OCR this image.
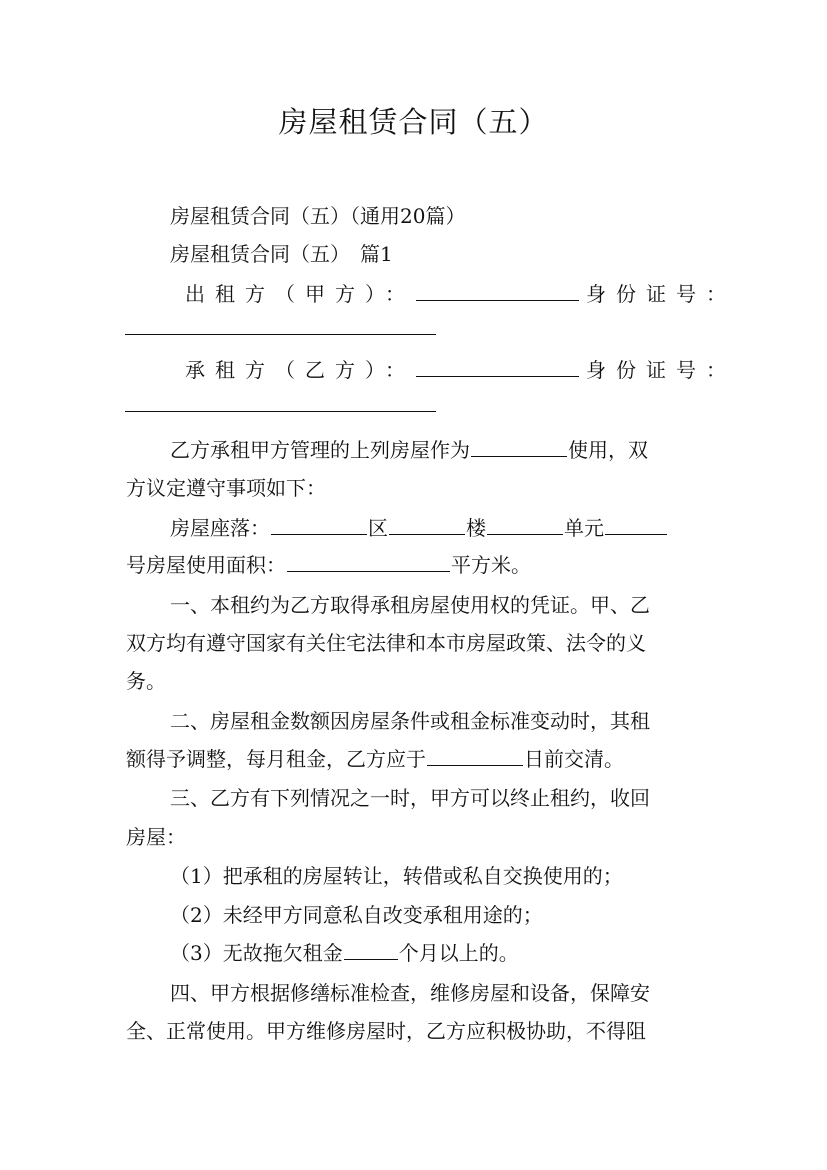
房屋租赁合同（五）
房屋租赁合同（五）（通用20篇）
房屋租赁合同（五）　篇1
出租方（甲方）：	身份证号：
承租方（乙方）：	身份证号：
乙方承租甲方管理的上列房屋作为	使用，双
方议定遵守事项如下：
房屋座落：	区	楼	单元
号房屋使用面积：	平方米。
一、本租约为乙方取得承租房屋使用权的凭证。甲、乙
双方均有遵守国家有关住宅法律和本市房屋政策、法令的义
务。
二、房屋租金数额因房屋条件或租金标准变动时，其租
额得予调整，每月租金，乙方应于	日前交清。
三、乙方有下列情况之一时，甲方可以终止租约，收回
房屋：
（1）把承租的房屋转让，转借或私自交换使用的；
（2）未经甲方同意私自改变承租用途的；
（3）无故拖欠租金	个月以上的。
四、甲方根据修缮标准检查，维修房屋和设备，保障安
全、正常使用。甲方维修房屋时，乙方应积极协助，不得阻
